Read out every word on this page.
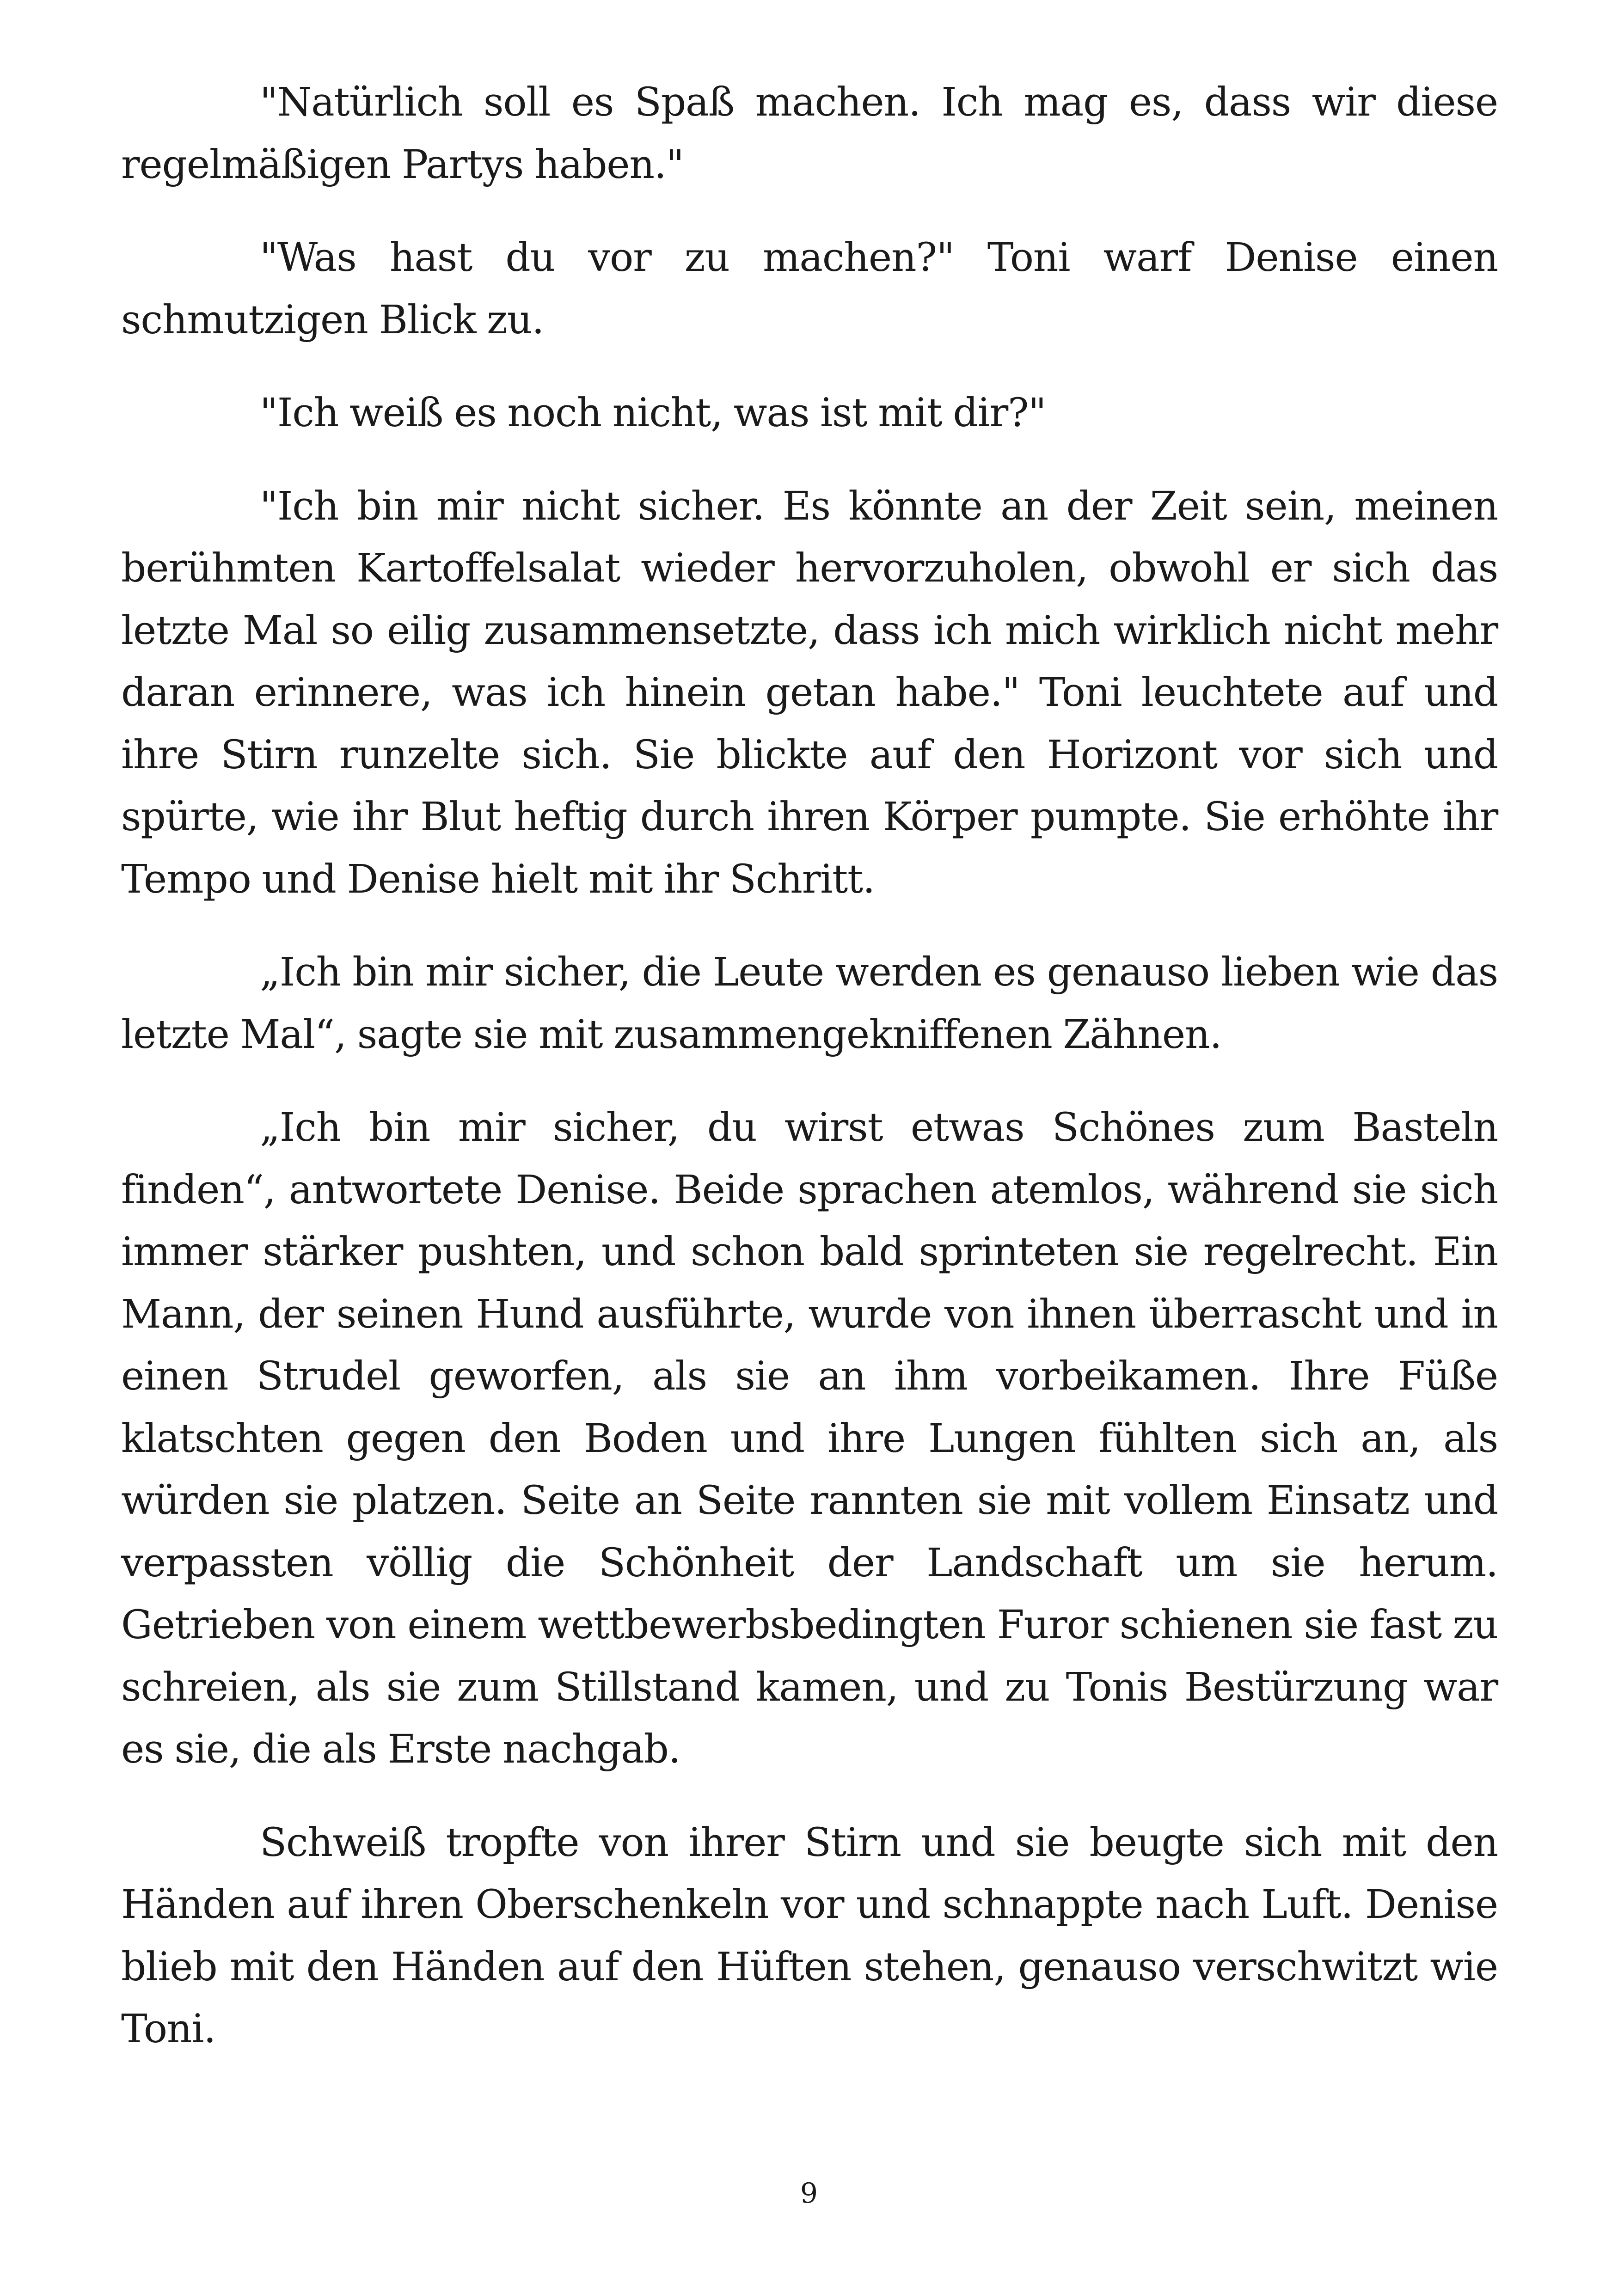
"Natürlich soll es Spaß machen. Ich mag es, dass wir diese regelmäßigen Partys haben."

"Was hast du vor zu machen?" Toni warf Denise einen schmutzigen Blick zu.

"Ich weiß es noch nicht, was ist mit dir?"

"Ich bin mir nicht sicher. Es könnte an der Zeit sein, meinen berühmten Kartoffelsalat wieder hervorzuholen, obwohl er sich das letzte Mal so eilig zusammensetzte, dass ich mich wirklich nicht mehr daran erinnere, was ich hinein getan habe." Toni leuchtete auf und ihre Stirn runzelte sich. Sie blickte auf den Horizont vor sich und spürte, wie ihr Blut heftig durch ihren Körper pumpte. Sie erhöhte ihr Tempo und Denise hielt mit ihr Schritt.

„Ich bin mir sicher, die Leute werden es genauso lieben wie das letzte Mal“, sagte sie mit zusammengekniffenen Zähnen.

„Ich bin mir sicher, du wirst etwas Schönes zum Basteln finden“, antwortete Denise. Beide sprachen atemlos, während sie sich immer stärker pushten, und schon bald sprinteten sie regelrecht. Ein Mann, der seinen Hund ausführte, wurde von ihnen überrascht und in einen Strudel geworfen, als sie an ihm vorbeikamen. Ihre Füße klatschten gegen den Boden und ihre Lungen fühlten sich an, als würden sie platzen. Seite an Seite rannten sie mit vollem Einsatz und verpassten völlig die Schönheit der Landschaft um sie herum. Getrieben von einem wettbewerbsbedingten Furor schienen sie fast zu schreien, als sie zum Stillstand kamen, und zu Tonis Bestürzung war es sie, die als Erste nachgab.

Schweiß tropfte von ihrer Stirn und sie beugte sich mit den Händen auf ihren Oberschenkeln vor und schnappte nach Luft. Denise blieb mit den Händen auf den Hüften stehen, genauso verschwitzt wie Toni.

9
